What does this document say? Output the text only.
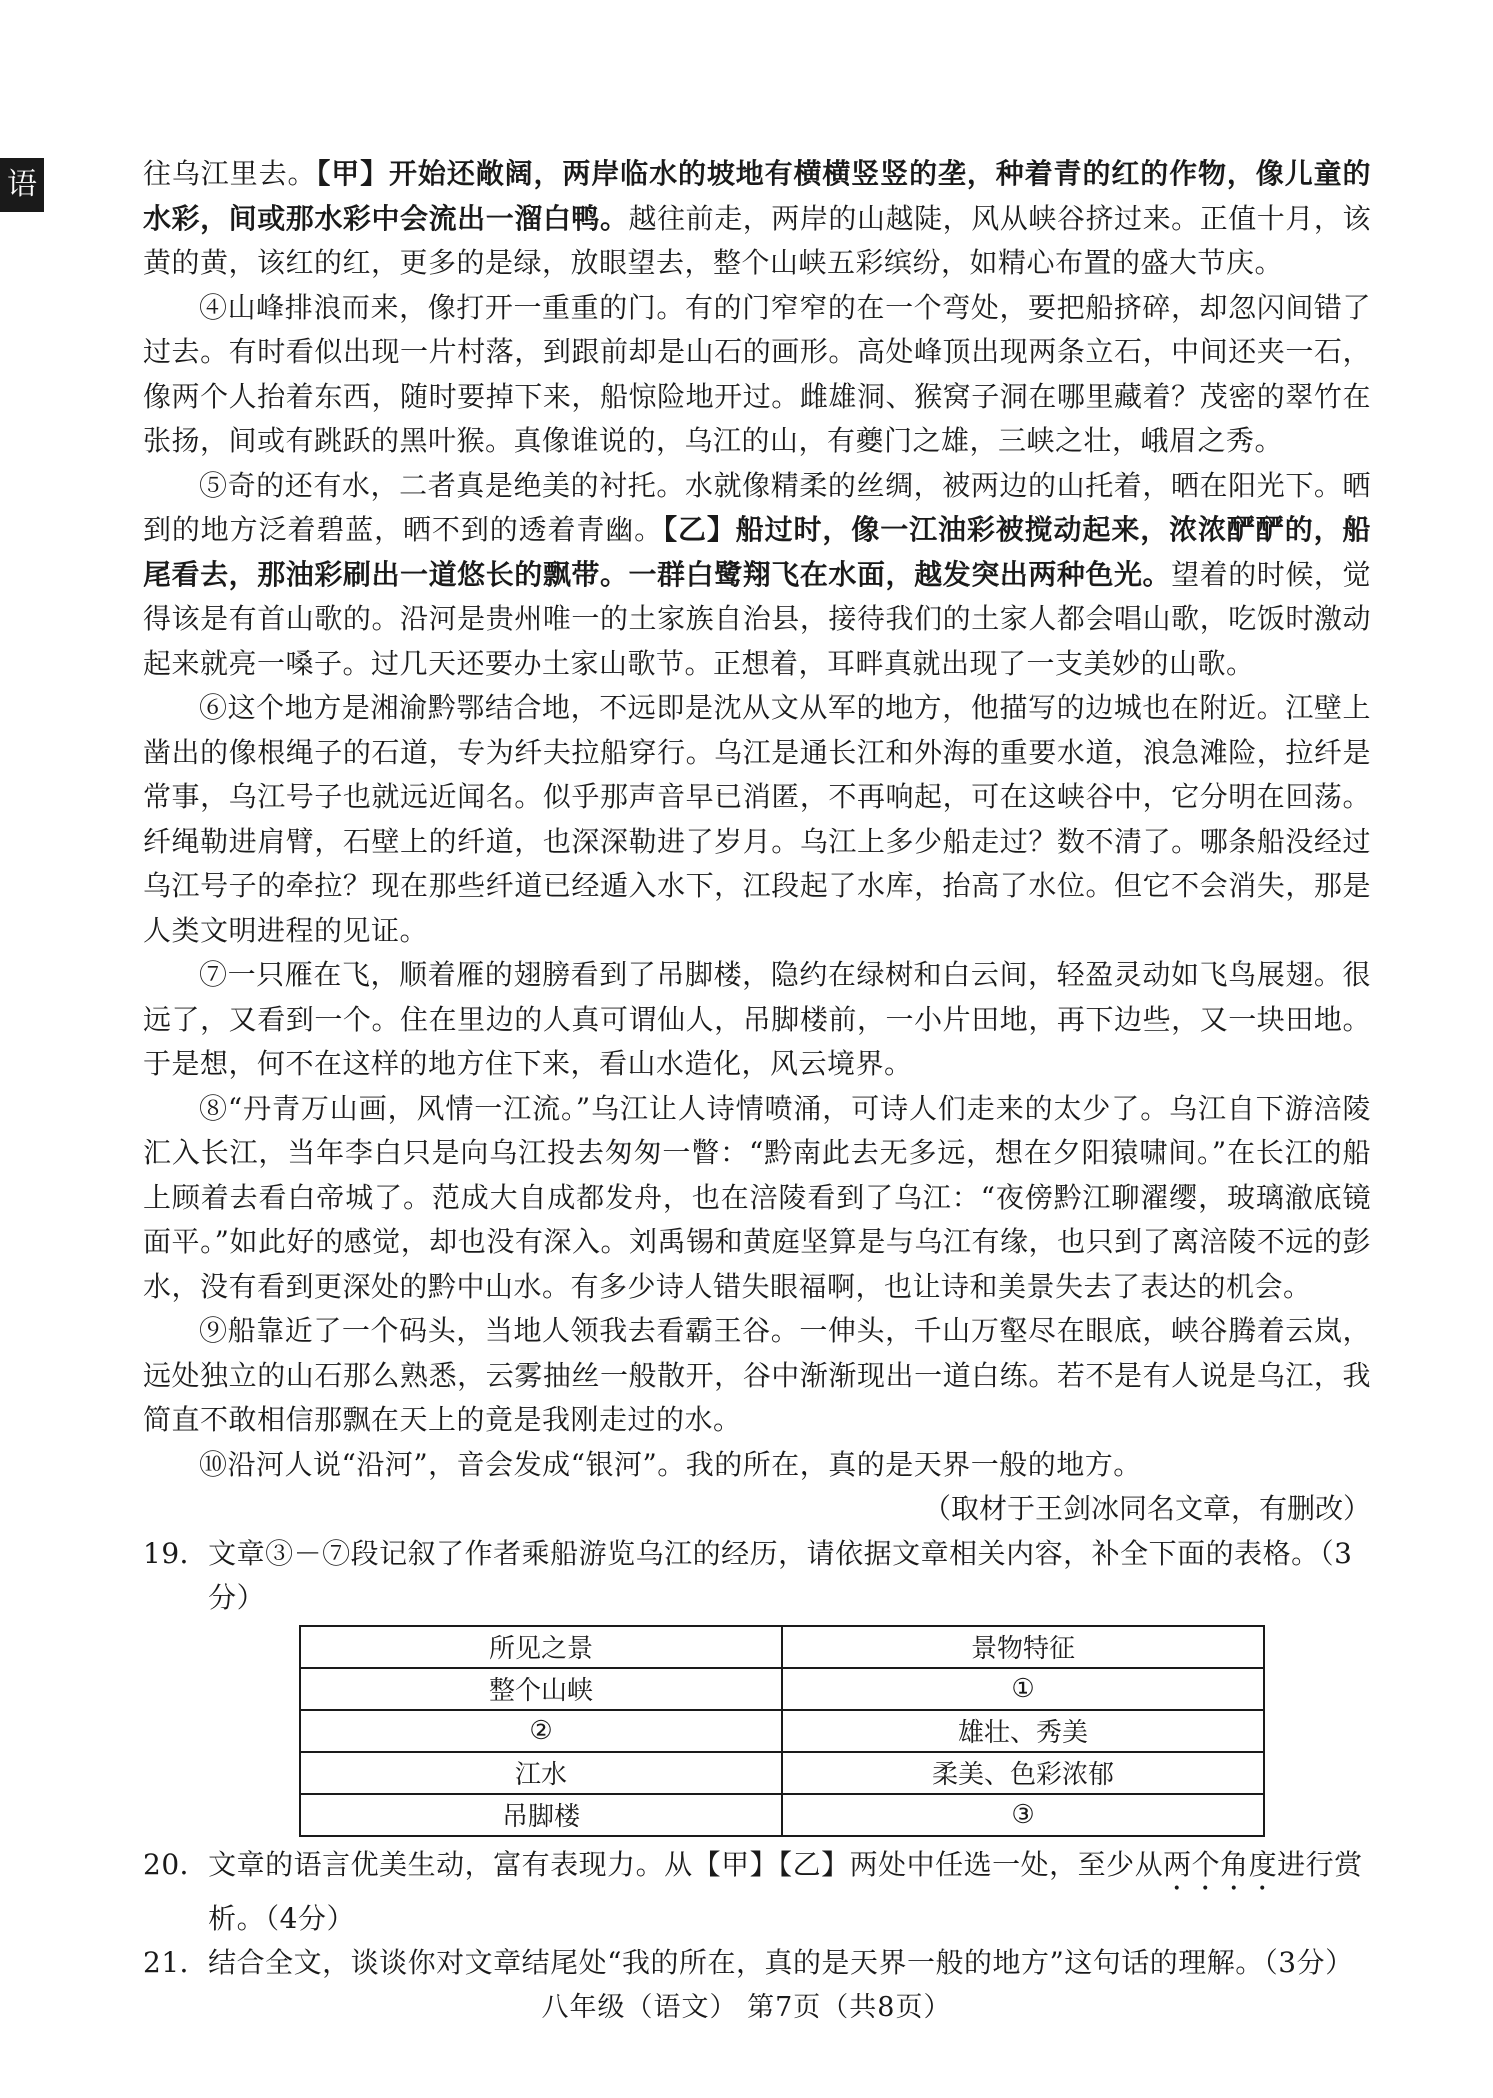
语	往乌江里去。【甲】开始还敞阔，两岸临水的坡地有横横竖竖的垄，种着青的红的作物，像儿童的水彩，间或那水彩中会流出一溜白鸭。越往前走，两岸的山越陡，风从峡谷挤过来。正值十月，该黄的黄，该红的红，更多的是绿，放眼望去，整个山峡五彩缤纷，如精心布置的盛大节庆。

④山峰排浪而来，像打开一重重的门。有的门窄窄的在一个弯处，要把船挤碎，却忽闪间错了过去。有时看似出现一片村落，到跟前却是山石的画形。高处峰顶出现两条立石，中间还夹一石，像两个人抬着东西，随时要掉下来，船惊险地开过。雌雄洞、猴窝子洞在哪里藏着？茂密的翠竹在张扬，间或有跳跃的黑叶猴。真像谁说的，乌江的山，有夔门之雄，三峡之壮，峨眉之秀。

⑤奇的还有水，二者真是绝美的衬托。水就像精柔的丝绸，被两边的山托着，晒在阳光下。晒到的地方泛着碧蓝，晒不到的透着青幽。【乙】船过时，像一江油彩被搅动起来，浓浓酽酽的，船尾看去，那油彩刷出一道悠长的飘带。一群白鹭翔飞在水面，越发突出两种色光。望着的时候，觉得该是有首山歌的。沿河是贵州唯一的土家族自治县，接待我们的土家人都会唱山歌，吃饭时激动起来就亮一嗓子。过几天还要办土家山歌节。正想着，耳畔真就出现了一支美妙的山歌。

⑥这个地方是湘渝黔鄂结合地，不远即是沈从文从军的地方，他描写的边城也在附近。江壁上凿出的像根绳子的石道，专为纤夫拉船穿行。乌江是通长江和外海的重要水道，浪急滩险，拉纤是常事，乌江号子也就远近闻名。似乎那声音早已消匿，不再响起，可在这峡谷中，它分明在回荡。纤绳勒进肩臂，石壁上的纤道，也深深勒进了岁月。乌江上多少船走过？数不清了。哪条船没经过乌江号子的牵拉？现在那些纤道已经遁入水下，江段起了水库，抬高了水位。但它不会消失，那是人类文明进程的见证。

⑦一只雁在飞，顺着雁的翅膀看到了吊脚楼，隐约在绿树和白云间，轻盈灵动如飞鸟展翅。很远了，又看到一个。住在里边的人真可谓仙人，吊脚楼前，一小片田地，再下边些，又一块田地。于是想，何不在这样的地方住下来，看山水造化，风云境界。

⑧“丹青万山画，风情一江流。”乌江让人诗情喷涌，可诗人们走来的太少了。乌江自下游涪陵汇入长江，当年李白只是向乌江投去匆匆一瞥：“黔南此去无多远，想在夕阳猿啸间。”在长江的船上顾着去看白帝城了。范成大自成都发舟，也在涪陵看到了乌江：“夜傍黔江聊濯缨，玻璃澈底镜面平。”如此好的感觉，却也没有深入。刘禹锡和黄庭坚算是与乌江有缘，也只到了离涪陵不远的彭水，没有看到更深处的黔中山水。有多少诗人错失眼福啊，也让诗和美景失去了表达的机会。

⑨船靠近了一个码头，当地人领我去看霸王谷。一伸头，千山万壑尽在眼底，峡谷腾着云岚，远处独立的山石那么熟悉，云雾抽丝一般散开，谷中渐渐现出一道白练。若不是有人说是乌江，我简直不敢相信那飘在天上的竟是我刚走过的水。

⑩沿河人说“沿河”，音会发成“银河”。我的所在，真的是天界一般的地方。

（取材于王剑冰同名文章，有删改）

19． 文章③－⑦段记叙了作者乘船游览乌江的经历，请依据文章相关内容，补全下面的表格。（3分）
所见之景	景物特征
整个山峡	①
②	雄壮、秀美
江水	柔美、色彩浓郁
吊脚楼	③
20． 文章的语言优美生动，富有表现力。从【甲】【乙】两处中任选一处，至少从两个角度进行赏析。（4分）
21． 结合全文，谈谈你对文章结尾处“我的所在，真的是天界一般的地方”这句话的理解。（3分）
八年级（语文） 第7页（共8页）
